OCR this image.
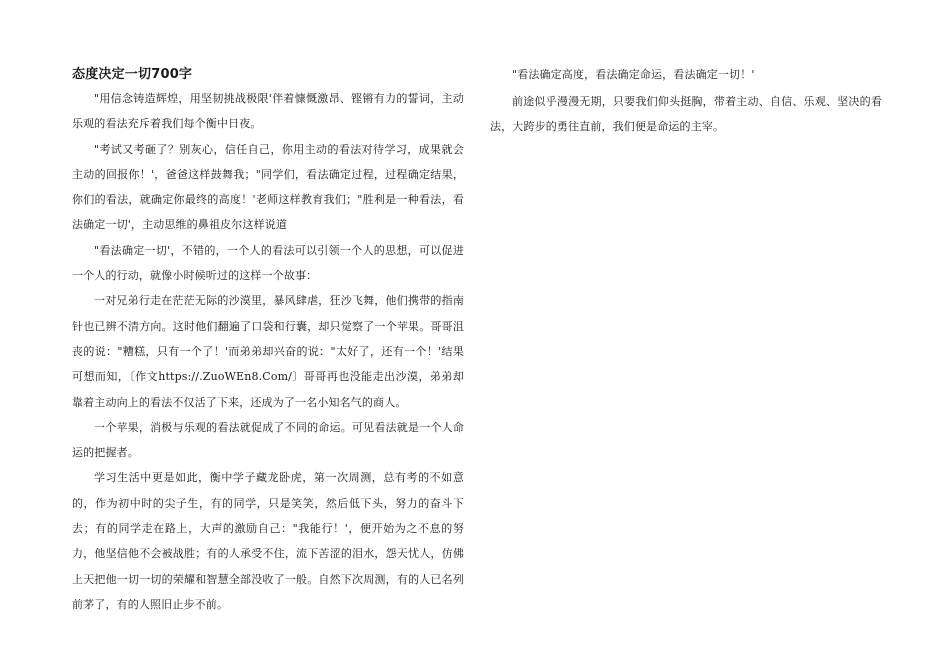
态度决定一切700字

"用信念铸造辉煌，用坚韧挑战极限'伴着慷慨激昂、铿锵有力的誓词，主动乐观的看法充斥着我们每个衡中日夜。

"考试又考砸了？别灰心，信任自己，你用主动的看法对待学习，成果就会主动的回报你！'，爸爸这样鼓舞我；"同学们，看法确定过程，过程确定结果，你们的看法，就确定你最终的高度！'老师这样教育我们；"胜利是一种看法，看法确定一切'，主动思维的鼻祖皮尔这样说道

"看法确定一切'，不错的，一个人的看法可以引领一个人的思想，可以促进一个人的行动，就像小时候听过的这样一个故事：

一对兄弟行走在茫茫无际的沙漠里，暴风肆虐，狂沙飞舞，他们携带的指南针也已辨不清方向。这时他们翻遍了口袋和行囊，却只觉察了一个苹果。哥哥沮丧的说："糟糕，只有一个了！'而弟弟却兴奋的说："太好了，还有一个！'结果可想而知，〔作文https://.ZuoWEn8.Com/〕哥哥再也没能走出沙漠，弟弟却靠着主动向上的看法不仅活了下来，还成为了一名小知名气的商人。

一个苹果，消极与乐观的看法就促成了不同的命运。可见看法就是一个人命运的把握者。

学习生活中更是如此，衡中学子藏龙卧虎，第一次周测，总有考的不如意的，作为初中时的尖子生，有的同学，只是笑笑，然后低下头，努力的奋斗下去；有的同学走在路上，大声的激励自己："我能行！'，便开始为之不息的努力，他坚信他不会被战胜；有的人承受不住，流下苦涩的泪水，怨天忧人，仿佛上天把他一切一切的荣耀和智慧全部没收了一般。自然下次周测，有的人已名列前茅了，有的人照旧止步不前。

"看法确定高度，看法确定命运，看法确定一切！'

前途似乎漫漫无期，只要我们仰头挺胸，带着主动、自信、乐观、坚决的看法，大跨步的勇往直前，我们便是命运的主宰。
